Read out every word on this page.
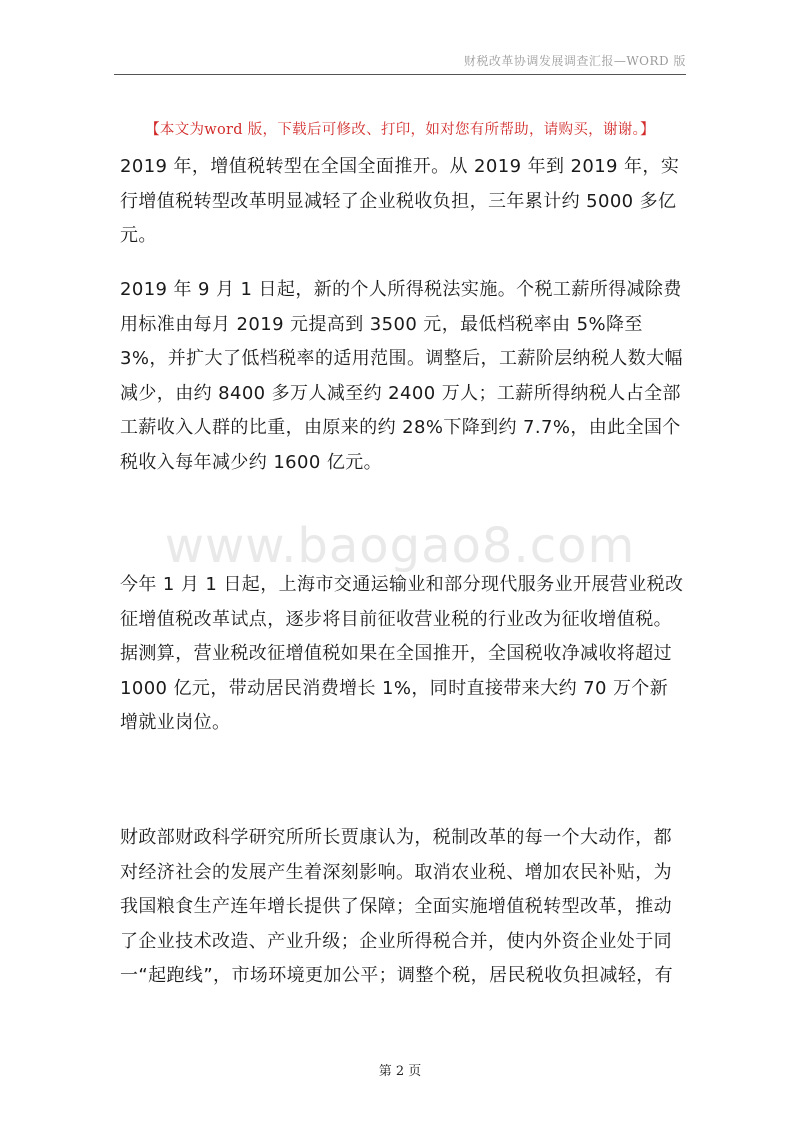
财税改革协调发展调查汇报—WORD 版
【本文为word 版，下载后可修改、打印，如对您有所帮助，请购买，谢谢。】

2019 年，增值税转型在全国全面推开。从 2019 年到 2019 年，实行增值税转型改革明显减轻了企业税收负担，三年累计约 5000 多亿元。

2019 年 9 月 1 日起，新的个人所得税法实施。个税工薪所得减除费用标准由每月 2019 元提高到 3500 元，最低档税率由 5%降至 3%，并扩大了低档税率的适用范围。调整后，工薪阶层纳税人数大幅减少，由约 8400 多万人减至约 2400 万人；工薪所得纳税人占全部工薪收入人群的比重，由原来的约 28%下降到约 7.7%，由此全国个税收入每年减少约 1600 亿元。

今年 1 月 1 日起，上海市交通运输业和部分现代服务业开展营业税改征增值税改革试点，逐步将目前征收营业税的行业改为征收增值税。据测算，营业税改征增值税如果在全国推开，全国税收净减收将超过 1000 亿元，带动居民消费增长 1%，同时直接带来大约 70 万个新增就业岗位。

财政部财政科学研究所所长贾康认为，税制改革的每一个大动作，都对经济社会的发展产生着深刻影响。取消农业税、增加农民补贴，为我国粮食生产连年增长提供了保障；全面实施增值税转型改革，推动了企业技术改造、产业升级；企业所得税合并，使内外资企业处于同一“起跑线”，市场环境更加公平；调整个税，居民税收负担减轻，有

www.baogao8.com
第 2 页
